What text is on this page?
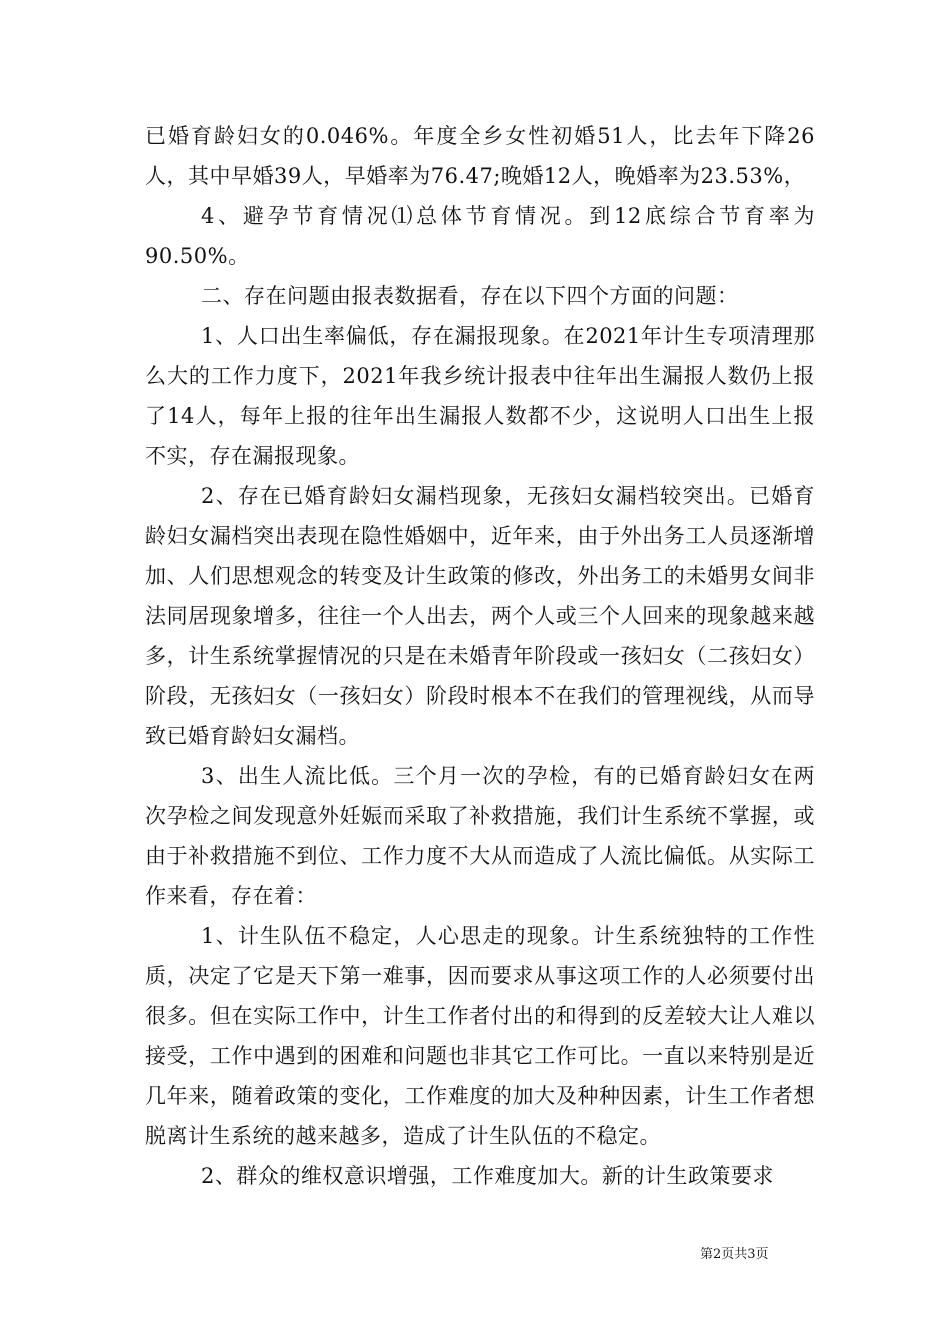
已婚育龄妇女的0.046%。年度全乡女性初婚51人，比去年下降26人，其中早婚39人，早婚率为76.47;晚婚12人，晚婚率为23.53%，

4、避孕节育情况⑴总体节育情况。到12底综合节育率为90.50%。

二、存在问题由报表数据看，存在以下四个方面的问题：

1、人口出生率偏低，存在漏报现象。在2021年计生专项清理那么大的工作力度下，2021年我乡统计报表中往年出生漏报人数仍上报了14人，每年上报的往年出生漏报人数都不少，这说明人口出生上报不实，存在漏报现象。

2、存在已婚育龄妇女漏档现象，无孩妇女漏档较突出。已婚育龄妇女漏档突出表现在隐性婚姻中，近年来，由于外出务工人员逐渐增加、人们思想观念的转变及计生政策的修改，外出务工的未婚男女间非法同居现象增多，往往一个人出去，两个人或三个人回来的现象越来越多，计生系统掌握情况的只是在未婚青年阶段或一孩妇女（二孩妇女）阶段，无孩妇女（一孩妇女）阶段时根本不在我们的管理视线，从而导致已婚育龄妇女漏档。

3、出生人流比低。三个月一次的孕检，有的已婚育龄妇女在两次孕检之间发现意外妊娠而采取了补救措施，我们计生系统不掌握，或由于补救措施不到位、工作力度不大从而造成了人流比偏低。从实际工作来看，存在着：

1、计生队伍不稳定，人心思走的现象。计生系统独特的工作性质，决定了它是天下第一难事，因而要求从事这项工作的人必须要付出很多。但在实际工作中，计生工作者付出的和得到的反差较大让人难以接受，工作中遇到的困难和问题也非其它工作可比。一直以来特别是近几年来，随着政策的变化，工作难度的加大及种种因素，计生工作者想脱离计生系统的越来越多，造成了计生队伍的不稳定。

2、群众的维权意识增强，工作难度加大。新的计生政策要求

第2页共3页
